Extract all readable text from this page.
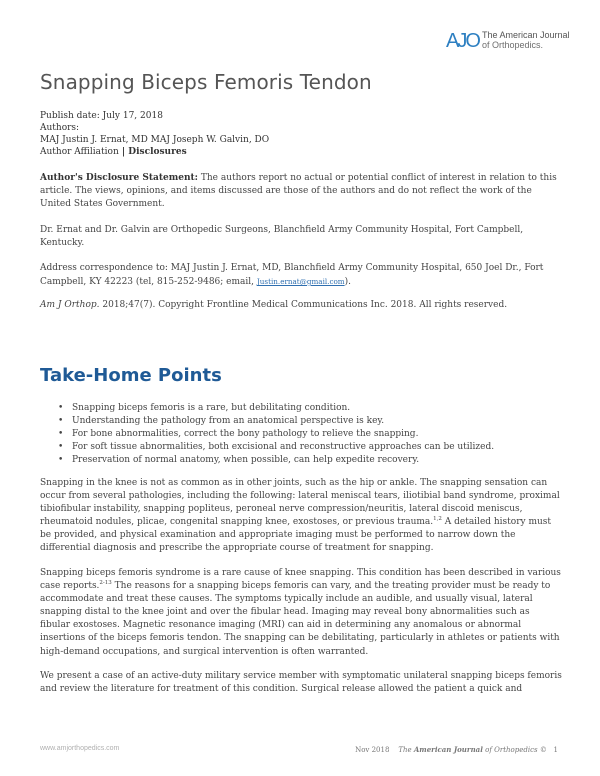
AJO The American Journal
of Orthopedics.
Snapping Biceps Femoris Tendon
Publish date: July 17, 2018
Authors:
MAJ Justin J. Ernat, MD MAJ Joseph W. Galvin, DO
Author Affiliation | Disclosures

Author's Disclosure Statement: The authors report no actual or potential conflict of interest in relation to this article. The views, opinions, and items discussed are those of the authors and do not reflect the work of the United States Government.

Dr. Ernat and Dr. Galvin are Orthopedic Surgeons, Blanchfield Army Community Hospital, Fort Campbell, Kentucky.

Address correspondence to: MAJ Justin J. Ernat, MD, Blanchfield Army Community Hospital, 650 Joel Dr., Fort Campbell, KY 42223 (tel, 815-252-9486; email, Justin.ernat@gmail.com).

Am J Orthop. 2018;47(7). Copyright Frontline Medical Communications Inc. 2018. All rights reserved.

Take-Home Points
• Snapping biceps femoris is a rare, but debilitating condition.
• Understanding the pathology from an anatomical perspective is key.
• For bone abnormalities, correct the bony pathology to relieve the snapping.
• For soft tissue abnormalities, both excisional and reconstructive approaches can be utilized.
• Preservation of normal anatomy, when possible, can help expedite recovery.

Snapping in the knee is not as common as in other joints, such as the hip or ankle. The snapping sensation can occur from several pathologies, including the following: lateral meniscal tears, iliotibial band syndrome, proximal tibiofibular instability, snapping popliteus, peroneal nerve compression/neuritis, lateral discoid meniscus, rheumatoid nodules, plicae, congenital snapping knee, exostoses, or previous trauma.$^{1,2}$ A detailed history must be provided, and physical examination and appropriate imaging must be performed to narrow down the differential diagnosis and prescribe the appropriate course of treatment for snapping.

Snapping biceps femoris syndrome is a rare cause of knee snapping. This condition has been described in various case reports.$^{2-13}$ The reasons for a snapping biceps femoris can vary, and the treating provider must be ready to accommodate and treat these causes. The symptoms typically include an audible, and usually visual, lateral snapping distal to the knee joint and over the fibular head. Imaging may reveal bony abnormalities such as fibular exostoses. Magnetic resonance imaging (MRI) can aid in determining any anomalous or abnormal insertions of the biceps femoris tendon. The snapping can be debilitating, particularly in athletes or patients with high-demand occupations, and surgical intervention is often warranted.

We present a case of an active-duty military service member with symptomatic unilateral snapping biceps femoris and review the literature for treatment of this condition. Surgical release allowed the patient a quick and

www.amjorthopedics.com	Nov 2018 The American Journal of Orthopedics © 1
